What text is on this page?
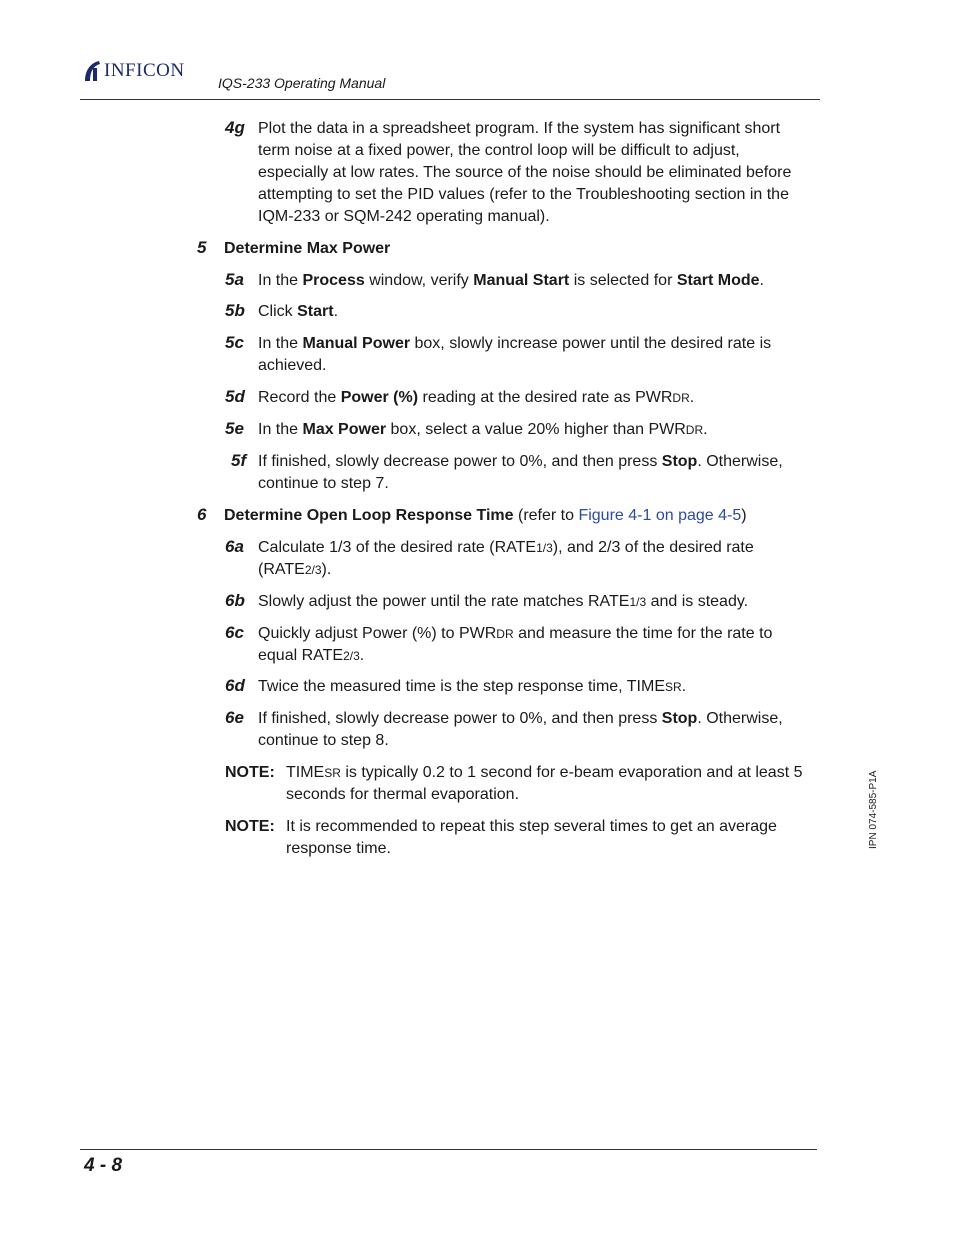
INFICON
IQS-233 Operating Manual
4g Plot the data in a spreadsheet program. If the system has significant short term noise at a fixed power, the control loop will be difficult to adjust, especially at low rates. The source of the noise should be eliminated before attempting to set the PID values (refer to the Troubleshooting section in the IQM-233 or SQM-242 operating manual).
5 Determine Max Power
5a In the Process window, verify Manual Start is selected for Start Mode.
5b Click Start.
5c In the Manual Power box, slowly increase power until the desired rate is achieved.
5d Record the Power (%) reading at the desired rate as PWRDR.
5e In the Max Power box, select a value 20% higher than PWRDR.
5f If finished, slowly decrease power to 0%, and then press Stop. Otherwise, continue to step 7.
6 Determine Open Loop Response Time (refer to Figure 4-1 on page 4-5)
6a Calculate 1/3 of the desired rate (RATE1/3), and 2/3 of the desired rate (RATE2/3).
6b Slowly adjust the power until the rate matches RATE1/3 and is steady.
6c Quickly adjust Power (%) to PWRDR and measure the time for the rate to equal RATE2/3.
6d Twice the measured time is the step response time, TIMESR.
6e If finished, slowly decrease power to 0%, and then press Stop. Otherwise, continue to step 8.
NOTE: TIMESR is typically 0.2 to 1 second for e-beam evaporation and at least 5 seconds for thermal evaporation.
NOTE: It is recommended to repeat this step several times to get an average response time.	IPN 074-585-P1A
4 - 8
